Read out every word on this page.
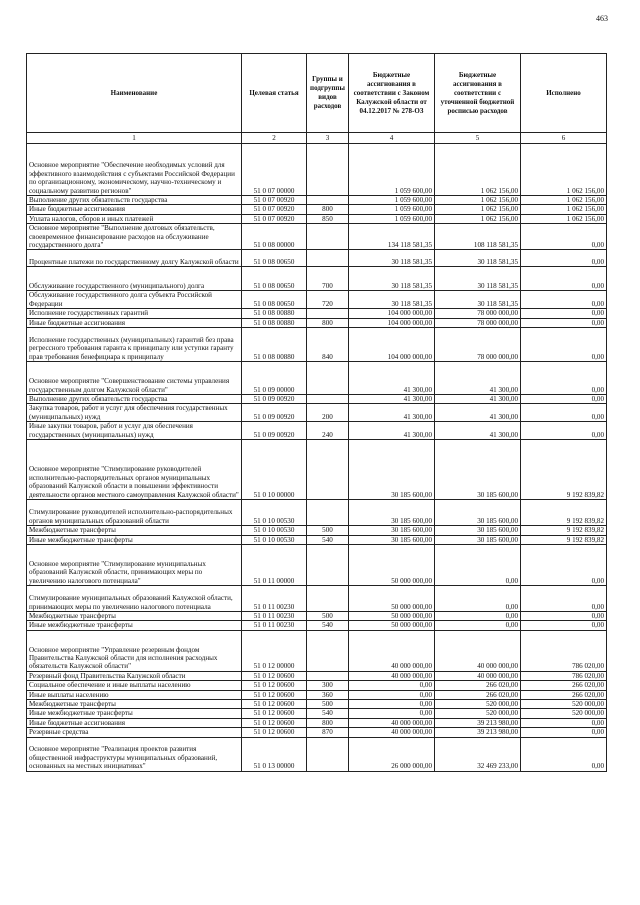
463
Наименование	Целевая статья	Группы и подгруппы видов расходов	Бюджетные ассигнования в соответствии с Законом Калужской области от 04.12.2017 № 278-ОЗ	Бюджетные ассигнования в соответствии с уточненной бюджетной росписью расходов	Исполнено
1	2	3	4	5	6
Основное мероприятие "Обеспечение необходимых условий для эффективного взаимодействия с субъектами Российской Федерации по организационному, экономическому, научно-техническому и социальному развитию регионов"	51 0 07 00000		1 059 600,00	1 062 156,00	1 062 156,00
Выполнение других обязательств государства	51 0 07 00920		1 059 600,00	1 062 156,00	1 062 156,00
Иные бюджетные ассигнования	51 0 07 00920	800	1 059 600,00	1 062 156,00	1 062 156,00
Уплата налогов, сборов и иных платежей	51 0 07 00920	850	1 059 600,00	1 062 156,00	1 062 156,00
Основное мероприятие "Выполнение долговых обязательств, своевременное финансирование расходов на обслуживание государственного долга"	51 0 08 00000		134 118 581,35	108 118 581,35	0,00
Процентные платежи по государственному долгу Калужской области	51 0 08 00650		30 118 581,35	30 118 581,35	0,00
Обслуживание государственного (муниципального) долга	51 0 08 00650	700	30 118 581,35	30 118 581,35	0,00
Обслуживание государственного долга субъекта Российской Федерации	51 0 08 00650	720	30 118 581,35	30 118 581,35	0,00
Исполнение государственных гарантий	51 0 08 00880		104 000 000,00	78 000 000,00	0,00
Иные бюджетные ассигнования	51 0 08 00880	800	104 000 000,00	78 000 000,00	0,00
Исполнение государственных (муниципальных) гарантий без права регрессного требования гаранта к принципалу или уступки гаранту прав требования бенефициара к принципалу	51 0 08 00880	840	104 000 000,00	78 000 000,00	0,00
Основное мероприятие "Совершенствование системы управления государственным долгом Калужской области"	51 0 09 00000		41 300,00	41 300,00	0,00
Выполнение других обязательств государства	51 0 09 00920		41 300,00	41 300,00	0,00
Закупка товаров, работ и услуг для обеспечения государственных (муниципальных) нужд	51 0 09 00920	200	41 300,00	41 300,00	0,00
Иные закупки товаров, работ и услуг для обеспечения государственных (муниципальных) нужд	51 0 09 00920	240	41 300,00	41 300,00	0,00
Основное мероприятие "Стимулирование руководителей исполнительно-распорядительных органов муниципальных образований Калужской области в повышении эффективности деятельности органов местного самоуправления Калужской области"	51 0 10 00000		30 185 600,00	30 185 600,00	9 192 839,82
Стимулирование руководителей исполнительно-распорядительных органов муниципальных образований области	51 0 10 00530		30 185 600,00	30 185 600,00	9 192 839,82
Межбюджетные трансферты	51 0 10 00530	500	30 185 600,00	30 185 600,00	9 192 839,82
Иные межбюджетные трансферты	51 0 10 00530	540	30 185 600,00	30 185 600,00	9 192 839,82
Основное мероприятие "Стимулирование муниципальных образований Калужской области, принимающих меры по увеличению налогового потенциала"	51 0 11 00000		50 000 000,00	0,00	0,00
Стимулирование муниципальных образований Калужской области, принимающих меры по увеличению налогового потенциала	51 0 11 00230		50 000 000,00	0,00	0,00
Межбюджетные трансферты	51 0 11 00230	500	50 000 000,00	0,00	0,00
Иные межбюджетные трансферты	51 0 11 00230	540	50 000 000,00	0,00	0,00
Основное мероприятие "Управление резервным фондом Правительства Калужской области для исполнения расходных обязательств Калужской области"	51 0 12 00000		40 000 000,00	40 000 000,00	786 020,00
Резервный фонд Правительства Калужской области	51 0 12 00600		40 000 000,00	40 000 000,00	786 020,00
Социальное обеспечение и иные выплаты населению	51 0 12 00600	300	0,00	266 020,00	266 020,00
Иные выплаты населению	51 0 12 00600	360	0,00	266 020,00	266 020,00
Межбюджетные трансферты	51 0 12 00600	500	0,00	520 000,00	520 000,00
Иные межбюджетные трансферты	51 0 12 00600	540	0,00	520 000,00	520 000,00
Иные бюджетные ассигнования	51 0 12 00600	800	40 000 000,00	39 213 980,00	0,00
Резервные средства	51 0 12 00600	870	40 000 000,00	39 213 980,00	0,00
Основное мероприятие "Реализация проектов развития общественной инфраструктуры муниципальных образований, основанных на местных инициативах"	51 0 13 00000		26 000 000,00	32 469 233,00	0,00
